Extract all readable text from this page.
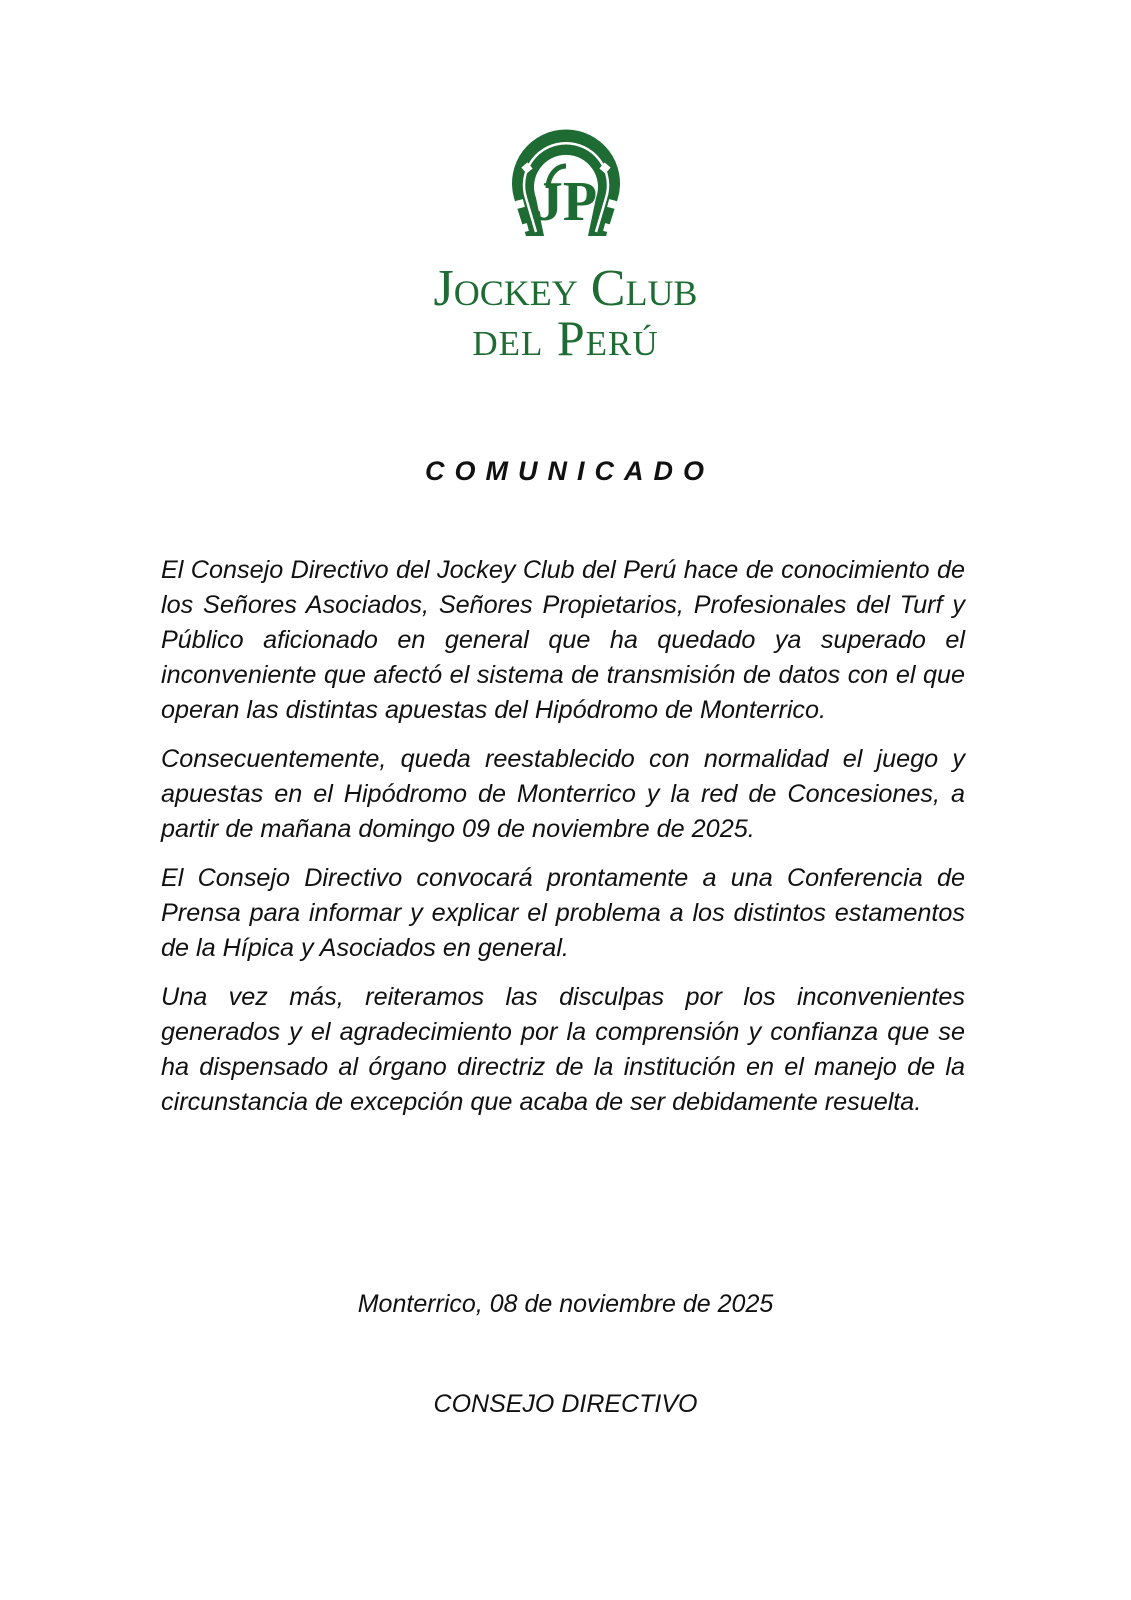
JP
Jockey Club
del Perú
COMUNICADO

El Consejo Directivo del Jockey Club del Perú hace de conocimiento de los Señores Asociados, Señores Propietarios, Profesionales del Turf y Público aficionado en general que ha quedado ya superado el inconveniente que afectó el sistema de transmisión de datos con el que operan las distintas apuestas del Hipódromo de Monterrico.

Consecuentemente, queda reestablecido con normalidad el juego y apuestas en el Hipódromo de Monterrico y la red de Concesiones, a partir de mañana domingo 09 de noviembre de 2025.

El Consejo Directivo convocará prontamente a una Conferencia de Prensa para informar y explicar el problema a los distintos estamentos de la Hípica y Asociados en general.

Una vez más, reiteramos las disculpas por los inconvenientes generados y el agradecimiento por la comprensión y confianza que se ha dispensado al órgano directriz de la institución en el manejo de la circunstancia de excepción que acaba de ser debidamente resuelta.

Monterrico, 08 de noviembre de 2025
CONSEJO DIRECTIVO
